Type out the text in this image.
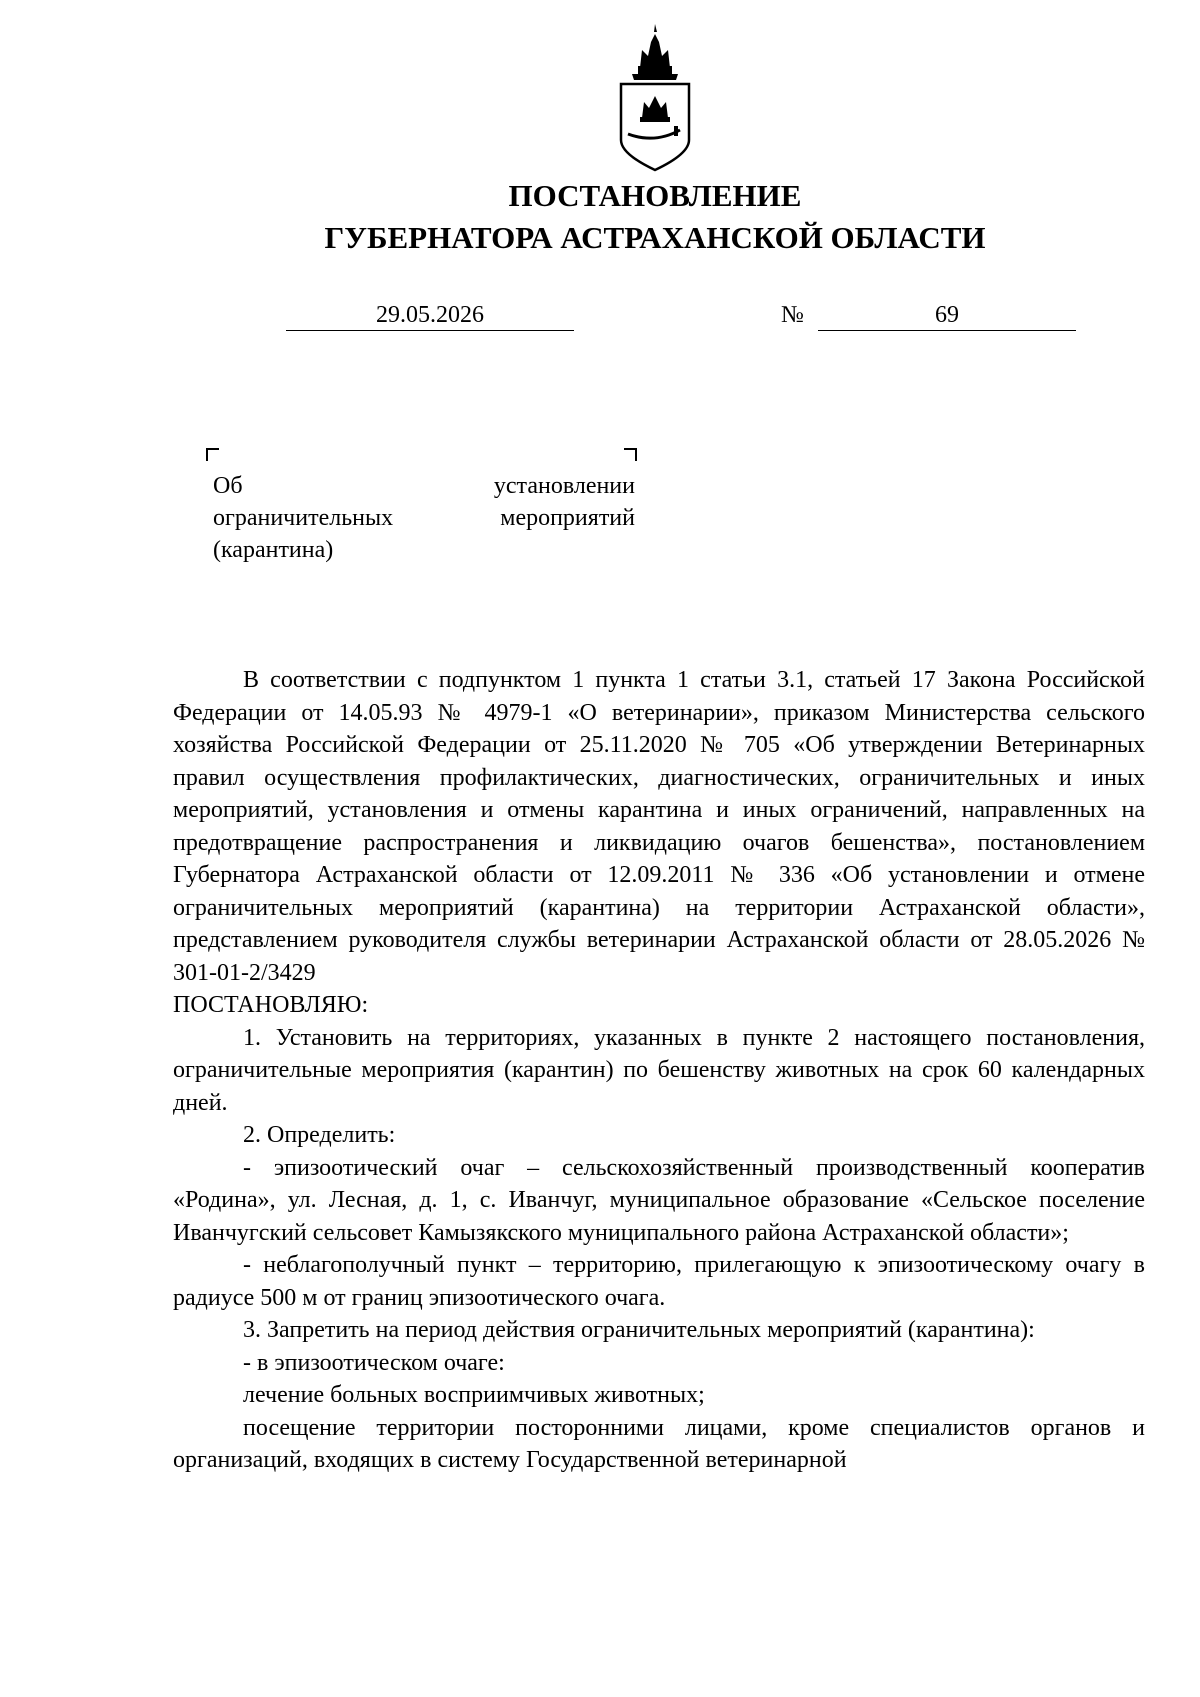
ПОСТАНОВЛЕНИЕ
ГУБЕРНАТОРА АСТРАХАНСКОЙ ОБЛАСТИ
29.05.2026	№	69
Об	установлении
ограничительных	мероприятий
(карантина)

В соответствии с подпунктом 1 пункта 1 статьи 3.1, статьей 17 Закона Российской Федерации от 14.05.93 № 4979-1 «О ветеринарии», приказом Министерства сельского хозяйства Российской Федерации от 25.11.2020 № 705 «Об утверждении Ветеринарных правил осуществления профилактических, диагностических, ограничительных и иных мероприятий, установления и отмены карантина и иных ограничений, направленных на предотвращение распространения и ликвидацию очагов бешенства», постановлением Губернатора Астраханской области от 12.09.2011 № 336 «Об установлении и отмене ограничительных мероприятий (карантина) на территории Астраханской области», представлением руководителя службы ветеринарии Астраханской области от 28.05.2026 № 301-01-2/3429

ПОСТАНОВЛЯЮ:

1. Установить на территориях, указанных в пункте 2 настоящего постановления, ограничительные мероприятия (карантин) по бешенству животных на срок 60 календарных дней.

2. Определить:

- эпизоотический очаг – сельскохозяйственный производственный кооператив «Родина», ул. Лесная, д. 1, с. Иванчуг, муниципальное образование «Сельское поселение Иванчугский сельсовет Камызякского муниципального района Астраханской области»;

- неблагополучный пункт – территорию, прилегающую к эпизоотическому очагу в радиусе 500 м от границ эпизоотического очага.

3. Запретить на период действия ограничительных мероприятий (карантина):

- в эпизоотическом очаге:

лечение больных восприимчивых животных;

посещение территории посторонними лицами, кроме специалистов органов и организаций, входящих в систему Государственной ветеринарной
